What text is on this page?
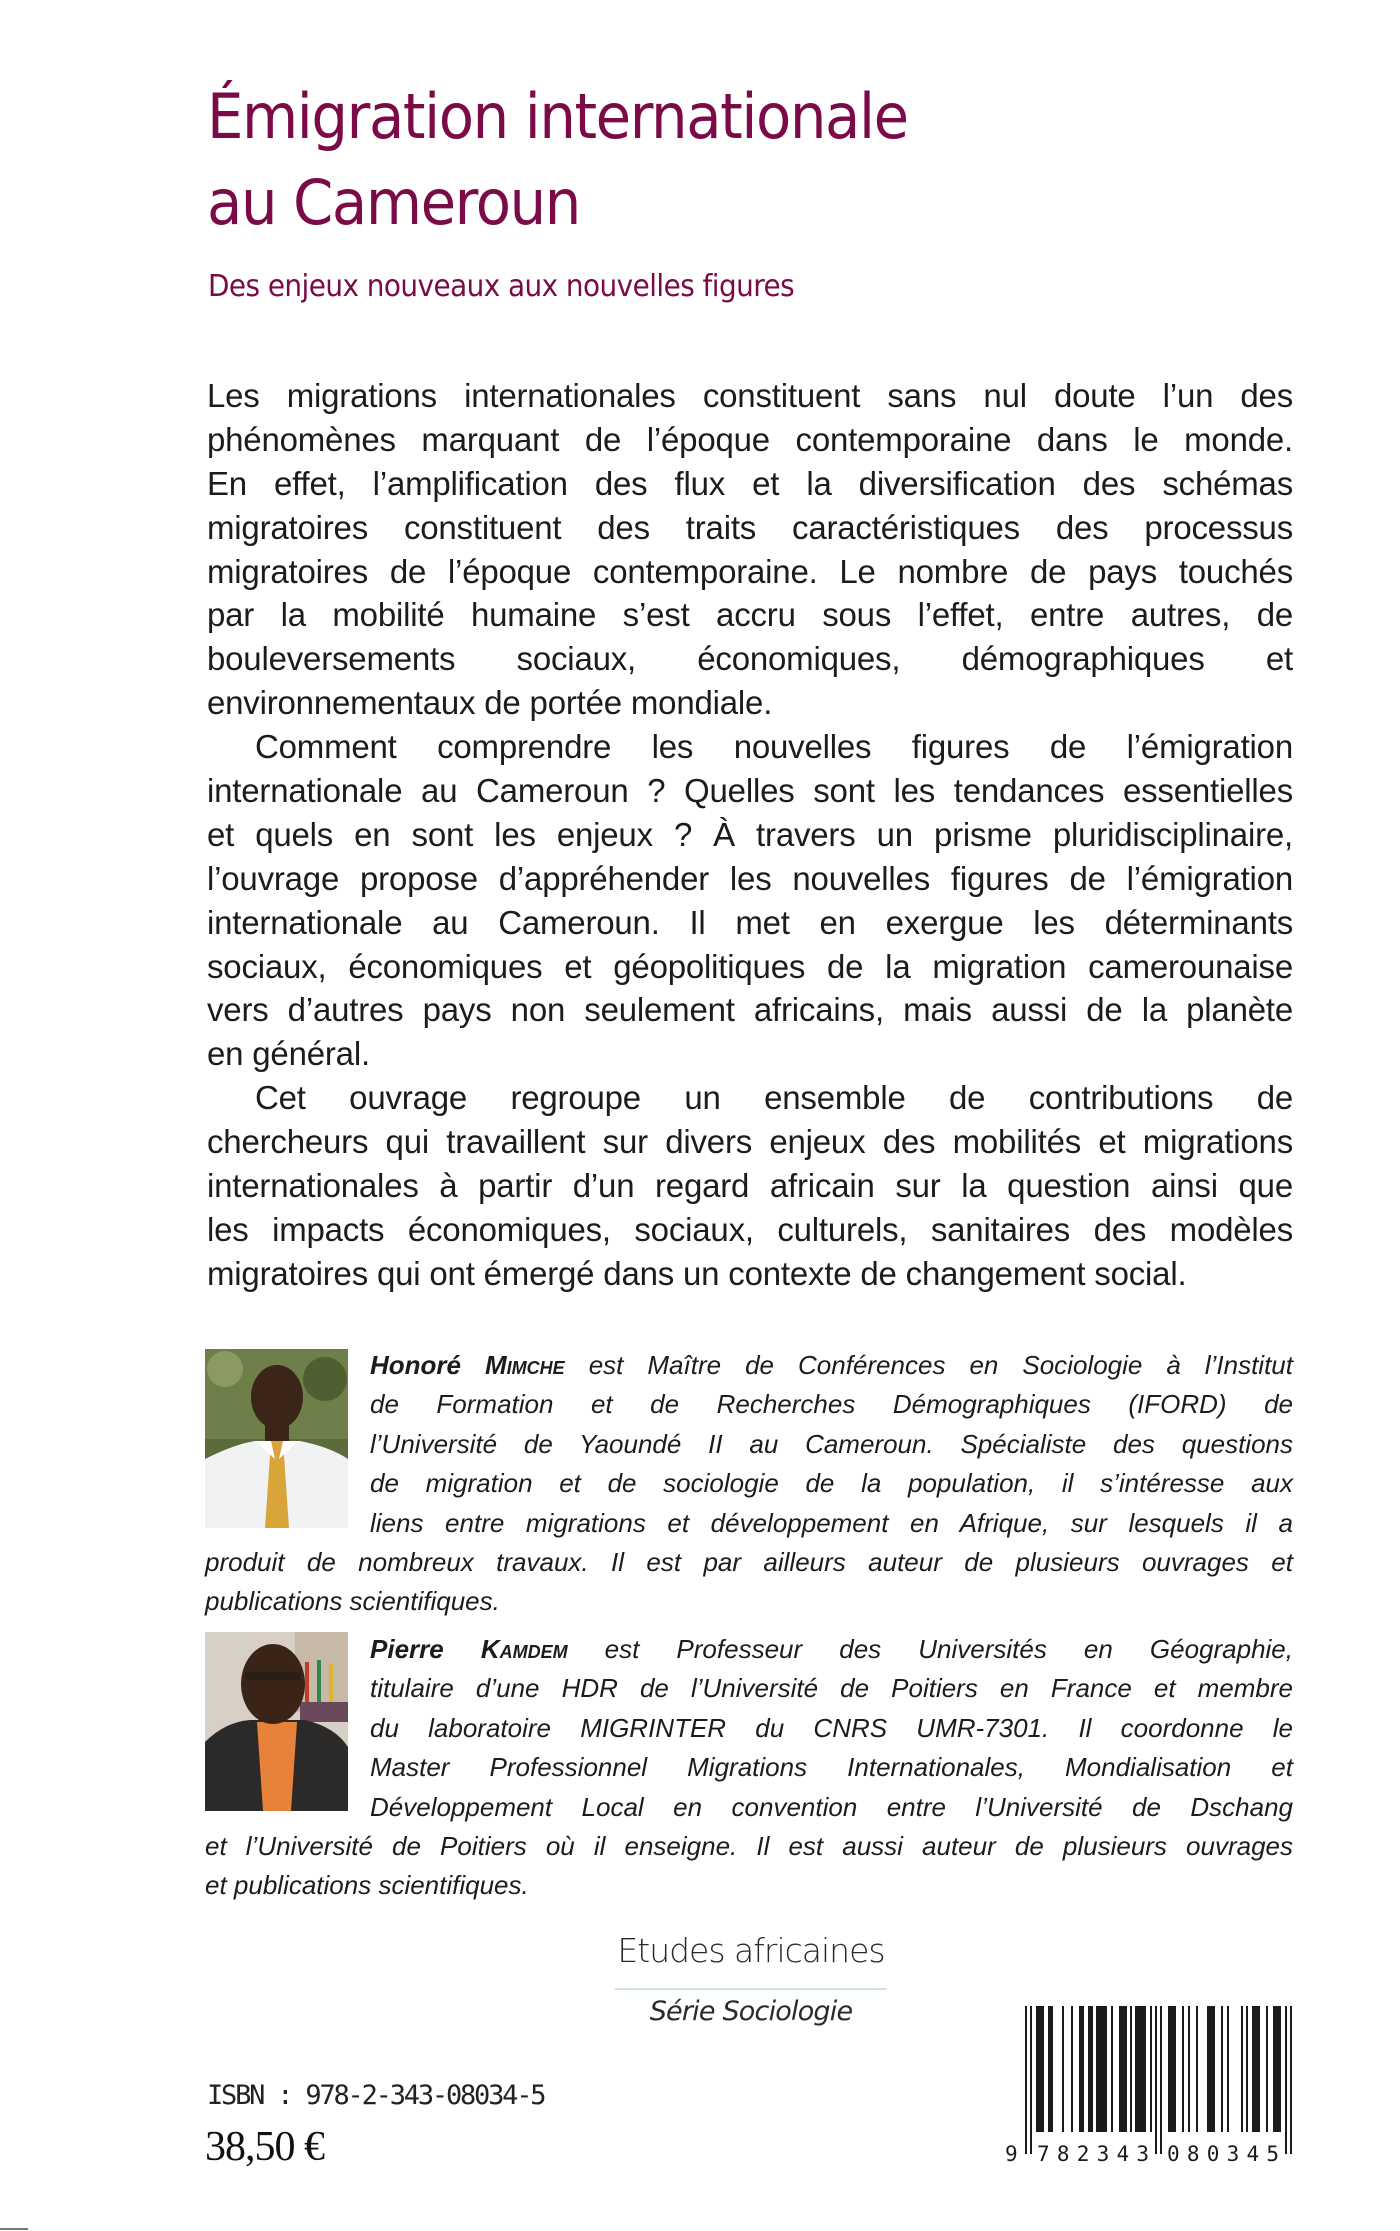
Émigration internationale
au Cameroun
Des enjeux nouveaux aux nouvelles figures
Les migrations internationales constituent sans nul doute l’un des
phénomènes marquant de l’époque contemporaine dans le monde.
En effet, l’amplification des flux et la diversification des schémas
migratoires constituent des traits caractéristiques des processus
migratoires de l’époque contemporaine. Le nombre de pays touchés
par la mobilité humaine s’est accru sous l’effet, entre autres, de
bouleversements sociaux, économiques, démographiques et
environnementaux de portée mondiale.
Comment comprendre les nouvelles figures de l’émigration
internationale au Cameroun ? Quelles sont les tendances essentielles
et quels en sont les enjeux ? À travers un prisme pluridisciplinaire,
l’ouvrage propose d’appréhender les nouvelles figures de l’émigration
internationale au Cameroun. Il met en exergue les déterminants
sociaux, économiques et géopolitiques de la migration camerounaise
vers d’autres pays non seulement africains, mais aussi de la planète
en général.
Cet ouvrage regroupe un ensemble de contributions de
chercheurs qui travaillent sur divers enjeux des mobilités et migrations
internationales à partir d’un regard africain sur la question ainsi que
les impacts économiques, sociaux, culturels, sanitaires des modèles
migratoires qui ont émergé dans un contexte de changement social.
Honoré Mimche est Maître de Conférences en Sociologie à l’Institut
de Formation et de Recherches Démographiques (IFORD) de
l’Université de Yaoundé II au Cameroun. Spécialiste des questions
de migration et de sociologie de la population, il s’intéresse aux
liens entre migrations et développement en Afrique, sur lesquels il a
produit de nombreux travaux. Il est par ailleurs auteur de plusieurs ouvrages et
publications scientifiques.
Pierre Kamdem est Professeur des Universités en Géographie,
titulaire d’une HDR de l’Université de Poitiers en France et membre
du laboratoire MIGRINTER du CNRS UMR-7301. Il coordonne le
Master Professionnel Migrations Internationales, Mondialisation et
Développement Local en convention entre l’Université de Dschang
et l’Université de Poitiers où il enseigne. Il est aussi auteur de plusieurs ouvrages
et publications scientifiques.
Etudes africaines
Série Sociologie
ISBN : 978-2-343-08034-5
38,50 €	9 782343 080345
